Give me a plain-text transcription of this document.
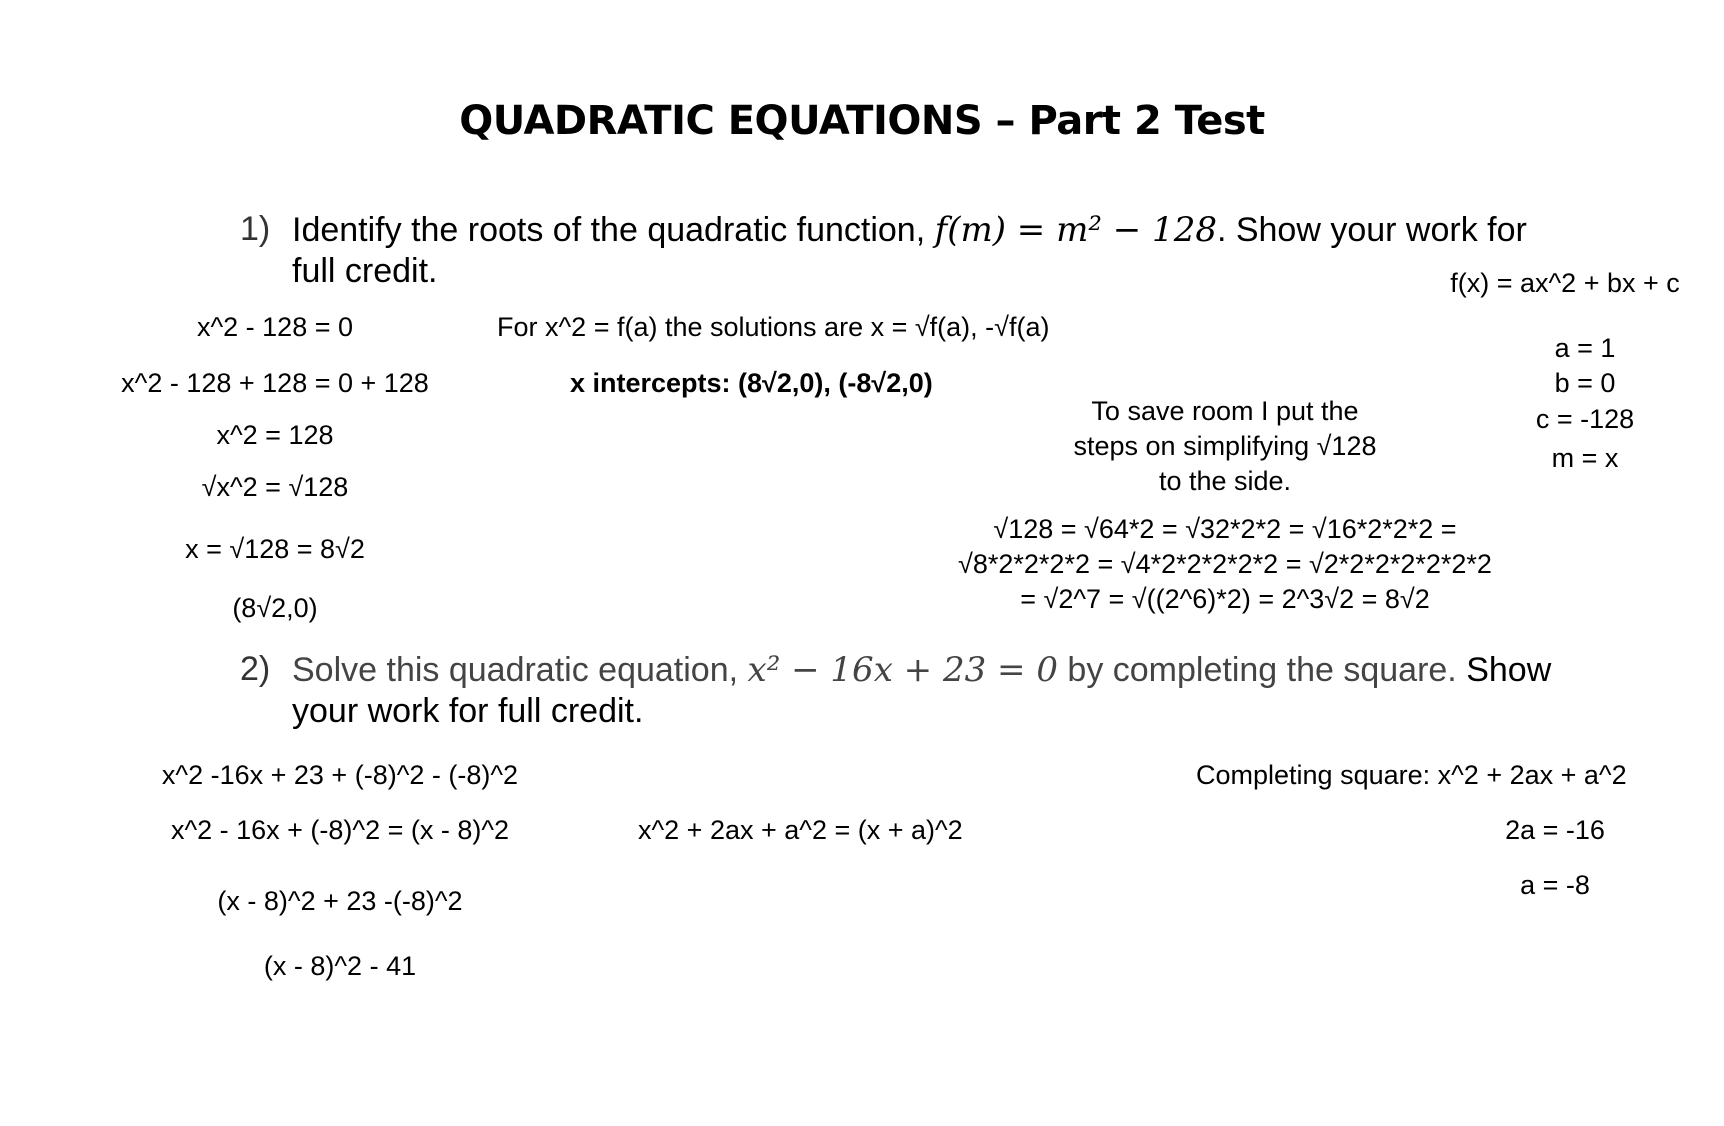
QUADRATIC EQUATIONS – Part 2 Test
1) Identify the roots of the quadratic function, f(m) = m² − 128. Show your work for
full credit.
x^2 - 128 = 0
x^2 - 128 + 128 = 0 + 128
x^2 = 128
√x^2 = √128
x = √128 = 8√2
(8√2,0)
For x^2 = f(a) the solutions are x = √f(a), -√f(a)
x intercepts: (8√2,0), (-8√2,0)
To save room I put the
steps on simplifying √128
to the side.
√128 = √64*2 = √32*2*2 = √16*2*2*2 =
√8*2*2*2*2 = √4*2*2*2*2*2 = √2*2*2*2*2*2*2
= √2^7 = √((2^6)*2) = 2^3√2 = 8√2
f(x) = ax^2 + bx + c
a = 1
b = 0
c = -128
m = x
2) Solve this quadratic equation, x² − 16x + 23 = 0 by completing the square. Show
your work for full credit.
x^2 -16x + 23 + (-8)^2 - (-8)^2
x^2 - 16x + (-8)^2 = (x - 8)^2
(x - 8)^2 + 23 -(-8)^2
(x - 8)^2 - 41
x^2 + 2ax + a^2 = (x + a)^2
Completing square: x^2 + 2ax + a^2
2a = -16
a = -8
